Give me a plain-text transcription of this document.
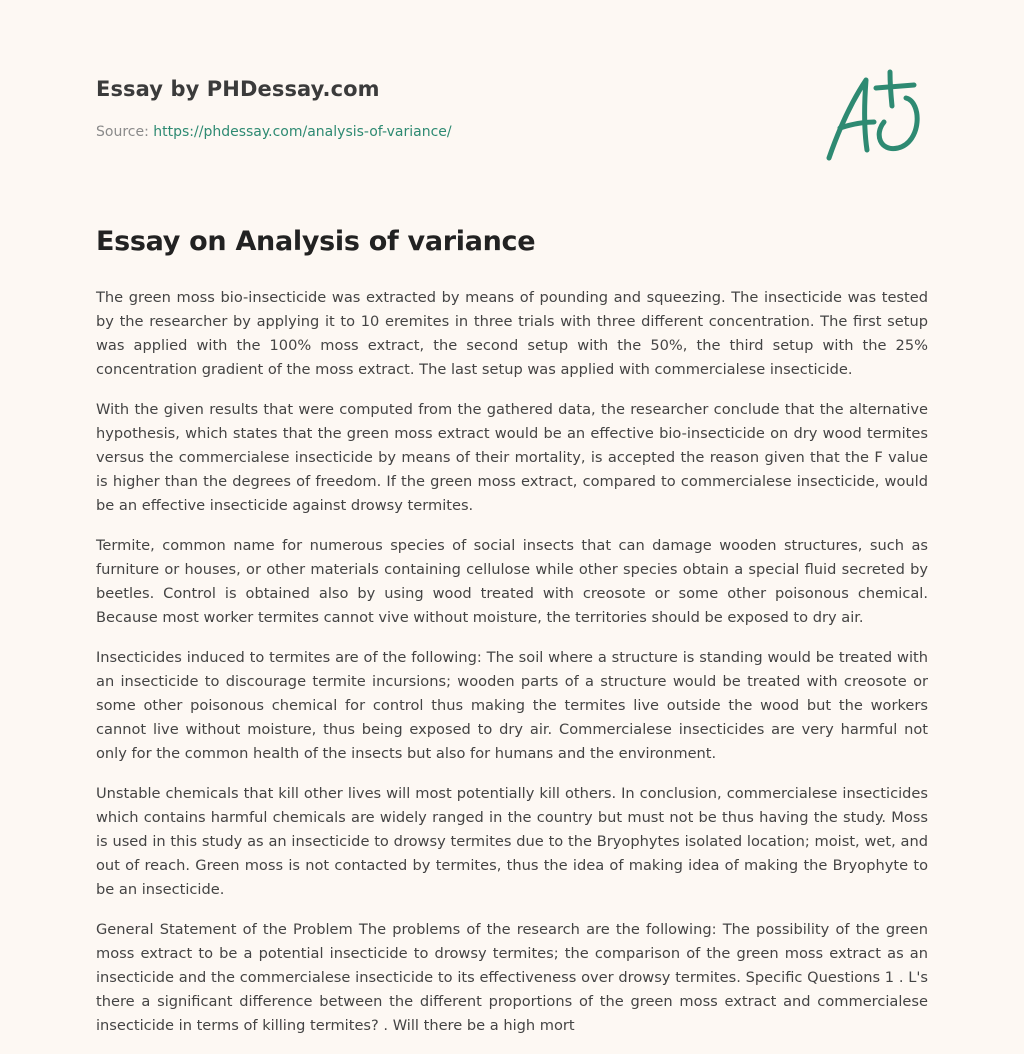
Essay by PHDessay.com
Source: https://phdessay.com/analysis-of-variance/
Essay on Analysis of variance

The green moss bio-insecticide was extracted by means of pounding and squeezing. The insecticide was tested by the researcher by applying it to 10 eremites in three trials with three different concentration. The first setup was applied with the 100% moss extract, the second setup with the 50%, the third setup with the 25% concentration gradient of the moss extract. The last setup was applied with commercialese insecticide.

With the given results that were computed from the gathered data, the researcher conclude that the alternative hypothesis, which states that the green moss extract would be an effective bio-insecticide on dry wood termites versus the commercialese insecticide by means of their mortality, is accepted the reason given that the F value is higher than the degrees of freedom. If the green moss extract, compared to commercialese insecticide, would be an effective insecticide against drowsy termites.

Termite, common name for numerous species of social insects that can damage wooden structures, such as furniture or houses, or other materials containing cellulose while other species obtain a special fluid secreted by beetles. Control is obtained also by using wood treated with creosote or some other poisonous chemical. Because most worker termites cannot vive without moisture, the territories should be exposed to dry air.

Insecticides induced to termites are of the following: The soil where a structure is standing would be treated with an insecticide to discourage termite incursions; wooden parts of a structure would be treated with creosote or some other poisonous chemical for control thus making the termites live outside the wood but the workers cannot live without moisture, thus being exposed to dry air. Commercialese insecticides are very harmful not only for the common health of the insects but also for humans and the environment.

Unstable chemicals that kill other lives will most potentially kill others. In conclusion, commercialese insecticides which contains harmful chemicals are widely ranged in the country but must not be thus having the study. Moss is used in this study as an insecticide to drowsy termites due to the Bryophytes isolated location; moist, wet, and out of reach. Green moss is not contacted by termites, thus the idea of making idea of making the Bryophyte to be an insecticide.

General Statement of the Problem The problems of the research are the following: The possibility of the green moss extract to be a potential insecticide to drowsy termites; the comparison of the green moss extract as an insecticide and the commercialese insecticide to its effectiveness over drowsy termites. Specific Questions 1 . L's there a significant difference between the different proportions of the green moss extract and commercialese insecticide in terms of killing termites? . Will there be a high mort
